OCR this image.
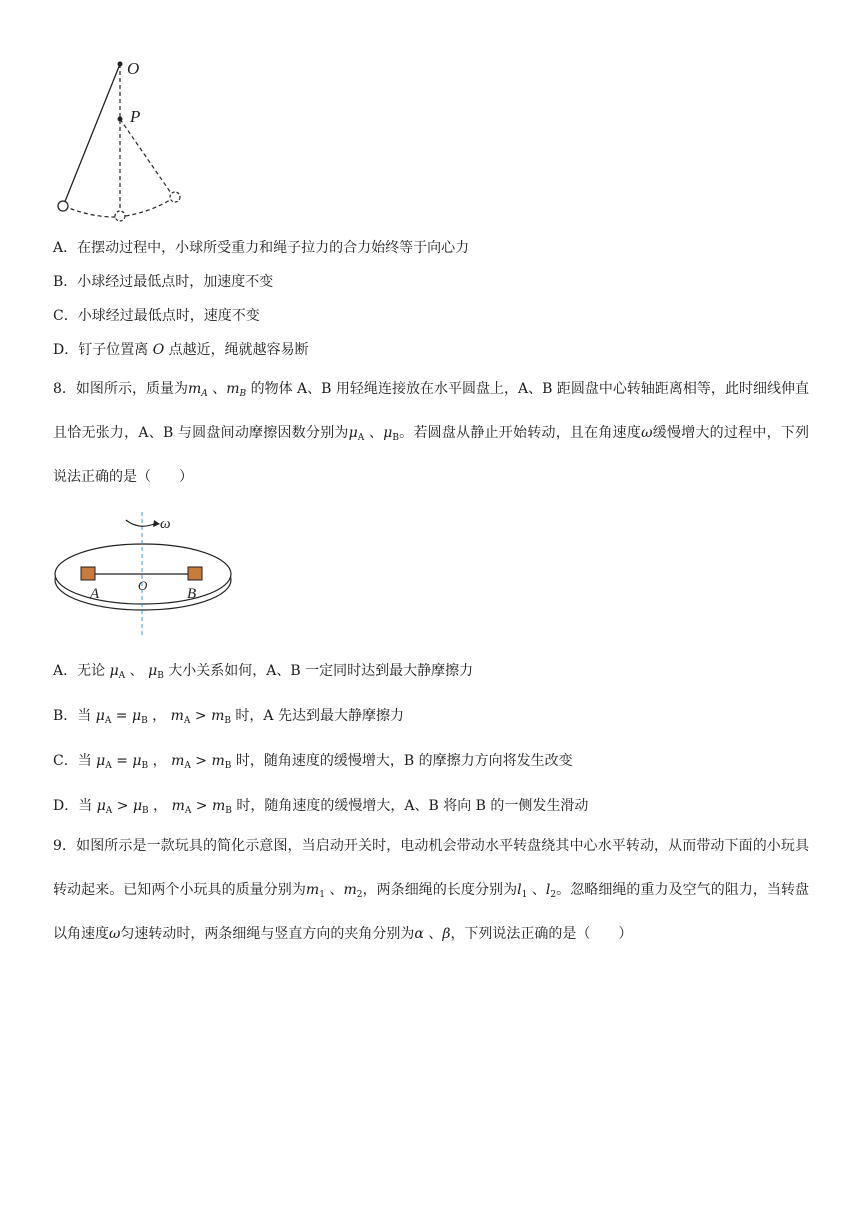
O
P
A．在摆动过程中，小球所受重力和绳子拉力的合力始终等于向心力
B．小球经过最低点时，加速度不变
C．小球经过最低点时，速度不变
D．钉子位置离 O 点越近，绳就越容易断
8．如图所示，质量为$m_A$ 、$m_B$ 的物体 A、B 用轻绳连接放在水平圆盘上，A、B 距圆盘中心转轴距离相等，此时细线伸直且恰无张力，A、B 与圆盘间动摩擦因数分别为$\mu_A$ 、$\mu_B$。若圆盘从静止开始转动，且在角速度ω缓慢增大的过程中，下列说法正确的是（　　）
ω
A
O
B
A．无论 $\mu_A$ 、 $\mu_B$ 大小关系如何，A、B 一定同时达到最大静摩擦力
B．当 $\mu_A = \mu_B$ ， $m_A > m_B$ 时，A 先达到最大静摩擦力
C．当 $\mu_A = \mu_B$ ， $m_A > m_B$ 时，随角速度的缓慢增大，B 的摩擦力方向将发生改变
D．当 $\mu_A > \mu_B$ ， $m_A > m_B$ 时，随角速度的缓慢增大，A、B 将向 B 的一侧发生滑动
9．如图所示是一款玩具的简化示意图，当启动开关时，电动机会带动水平转盘绕其中心水平转动，从而带动下面的小玩具转动起来。已知两个小玩具的质量分别为$m_1$ 、$m_2$，两条细绳的长度分别为$l_1$ 、$l_2$。忽略细绳的重力及空气的阻力，当转盘以角速度ω匀速转动时，两条细绳与竖直方向的夹角分别为α 、β，下列说法正确的是（　　）
